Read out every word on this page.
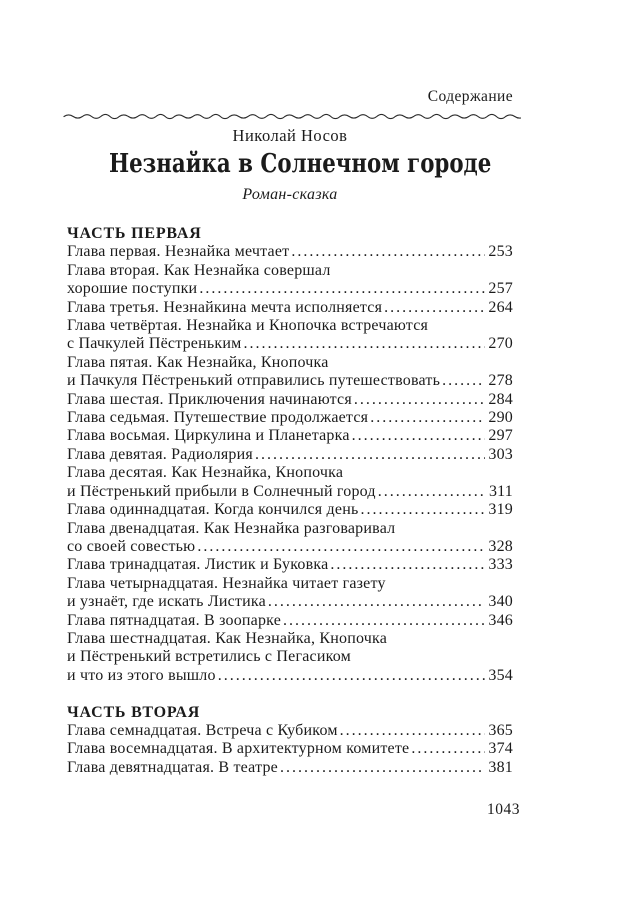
Содержание
Николай Носов
Незнайка в Солнечном городе
Роман-сказка
ЧАСТЬ ПЕРВАЯ
Глава первая. Незнайка мечтает .....	253
Глава вторая. Как Незнайка совершал
хорошие поступки .....	257
Глава третья. Незнайкина мечта исполняется .....	264
Глава четвёртая. Незнайка и Кнопочка встречаются
с Пачкулей Пёстреньким .....	270
Глава пятая. Как Незнайка, Кнопочка
и Пачкуля Пёстренький отправились путешествовать .....	278
Глава шестая. Приключения начинаются .....	284
Глава седьмая. Путешествие продолжается .....	290
Глава восьмая. Циркулина и Планетарка .....	297
Глава девятая. Радиолярия .....	303
Глава десятая. Как Незнайка, Кнопочка
и Пёстренький прибыли в Солнечный город .....	311
Глава одиннадцатая. Когда кончился день .....	319
Глава двенадцатая. Как Незнайка разговаривал
со своей совестью .....	328
Глава тринадцатая. Листик и Буковка .....	333
Глава четырнадцатая. Незнайка читает газету
и узнаёт, где искать Листика .....	340
Глава пятнадцатая. В зоопарке .....	346
Глава шестнадцатая. Как Незнайка, Кнопочка
и Пёстренький встретились с Пегасиком
и что из этого вышло .....	354
ЧАСТЬ ВТОРАЯ
Глава семнадцатая. Встреча с Кубиком .....	365
Глава восемнадцатая. В архитектурном комитете .....	374
Глава девятнадцатая. В театре .....	381
1043
